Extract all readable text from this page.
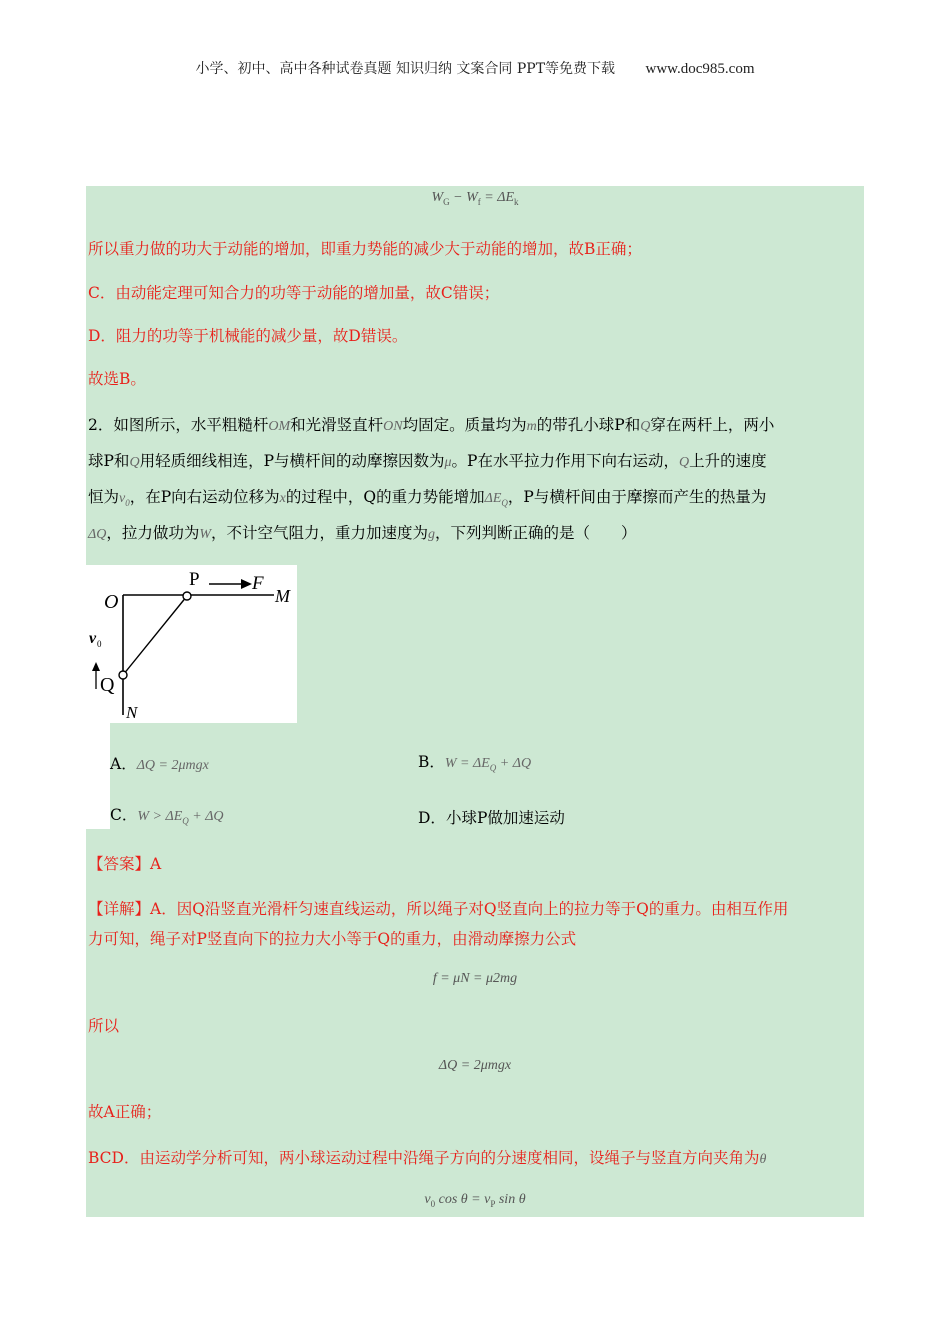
小学、初中、高中各种试卷真题 知识归纳 文案合同 PPT等免费下载 www.doc985.com
$W_G - W_f = \Delta E_k$
所以重力做的功大于动能的增加，即重力势能的减少大于动能的增加，故B正确；
C．由动能定理可知合力的功等于动能的增加量，故C错误；
D．阻力的功等于机械能的减少量，故D错误。
故选B。
2．如图所示，水平粗糙杆OM和光滑竖直杆ON均固定。质量均为m的带孔小球P和Q穿在两杆上，两小
球P和Q用轻质细线相连，P与横杆间的动摩擦因数为μ。P在水平拉力作用下向右运动，Q上升的速度
恒为$v_0$，在P向右运动位移为x的过程中，Q的重力势能增加$\Delta E_Q$，P与横杆间由于摩擦而产生的热量为
ΔQ，拉力做功为W，不计空气阻力，重力加速度为g，下列判断正确的是（　　）
O
P	F
M
v 0
Q
N
A．ΔQ = 2μmgx	B．$W = \Delta E_Q + \Delta Q$
C．$W > \Delta E_Q + \Delta Q$	D．小球P做加速运动
【答案】A
【详解】A．因Q沿竖直光滑杆匀速直线运动，所以绳子对Q竖直向上的拉力等于Q的重力。由相互作用
力可知，绳子对P竖直向下的拉力大小等于Q的重力，由滑动摩擦力公式
f = μN = μ2mg
所以
ΔQ = 2μmgx
故A正确；
BCD．由运动学分析可知，两小球运动过程中沿绳子方向的分速度相同，设绳子与竖直方向夹角为θ
$v_0$ $\cos \theta = v_P$ sin θ
